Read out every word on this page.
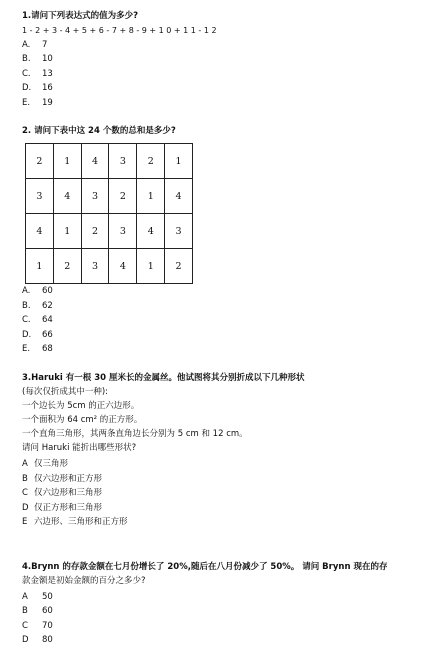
1.请问下列表达式的值为多少?
1 - 2 + 3 - 4 + 5 + 6 - 7 + 8 - 9 + 1 0 + 1 1 - 1 2
A. 7
B. 10
C. 13
D. 16
E. 19
2. 请问下表中这 24 个数的总和是多少?
2	1	4	3	2	1
3	4	3	2	1	4
4	1	2	3	4	3
1	2	3	4	1	2
A. 60
B. 62
C. 64
D. 66
E. 68
3.Haruki 有一根 30 厘米长的金属丝。他试图将其分别折成以下几种形状
(每次仅折成其中一种):
一个边长为 5cm 的正六边形。
一个面积为 64 cm² 的正方形。
一个直角三角形，其两条直角边长分别为 5 cm 和 12 cm。
请问 Haruki 能折出哪些形状?
A 仅三角形
B 仅六边形和正方形
C 仅六边形和三角形
D 仅正方形和三角形
E 六边形、三角形和正方形
4.Brynn 的存款金额在七月份增长了 20%,随后在八月份减少了 50%。 请问 Brynn 现在的存
款金额是初始金额的百分之多少?
A 50
B 60
C 70
D 80
